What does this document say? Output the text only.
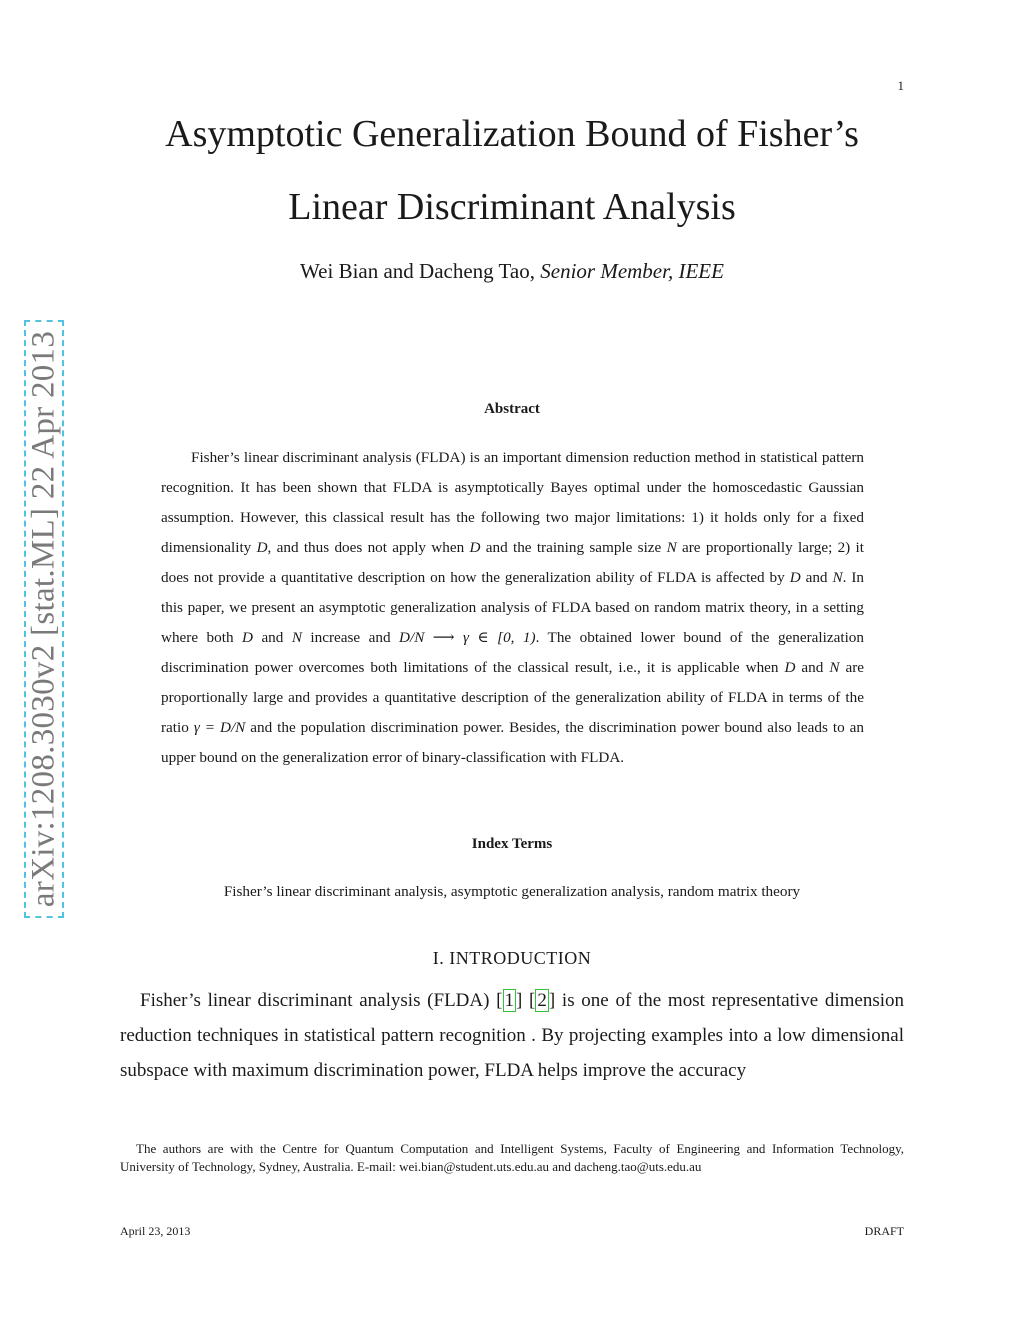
1
Asymptotic Generalization Bound of Fisher’s
Linear Discriminant Analysis
Wei Bian and Dacheng Tao, Senior Member, IEEE
arXiv:1208.3030v2 [stat.ML] 22 Apr 2013	Abstract
Fisher’s linear discriminant analysis (FLDA) is an important dimension reduction method in statistical pattern recognition. It has been shown that FLDA is asymptotically Bayes optimal under the homoscedastic Gaussian assumption. However, this classical result has the following two major limitations: 1) it holds only for a fixed dimensionality D, and thus does not apply when D and the training sample size N are proportionally large; 2) it does not provide a quantitative description on how the generalization ability of FLDA is affected by D and N. In this paper, we present an asymptotic generalization analysis of FLDA based on random matrix theory, in a setting where both D and N increase and D/N ⟶ γ ∈ [0, 1). The obtained lower bound of the generalization discrimination power overcomes both limitations of the classical result, i.e., it is applicable when D and N are proportionally large and provides a quantitative description of the generalization ability of FLDA in terms of the ratio γ = D/N and the population discrimination power. Besides, the discrimination power bound also leads to an upper bound on the generalization error of binary-classification with FLDA.
Index Terms
Fisher’s linear discriminant analysis, asymptotic generalization analysis, random matrix theory
I. INTRODUCTION
Fisher’s linear discriminant analysis (FLDA) [ 1 ] [ 2 ] is one of the most representative dimension reduction techniques in statistical pattern recognition . By projecting examples into a low dimensional subspace with maximum discrimination power, FLDA helps improve the accuracy
The authors are with the Centre for Quantum Computation and Intelligent Systems, Faculty of Engineering and Information Technology, University of Technology, Sydney, Australia. E-mail: wei.bian@student.uts.edu.au and dacheng.tao@uts.edu.au
April 23, 2013	DRAFT
